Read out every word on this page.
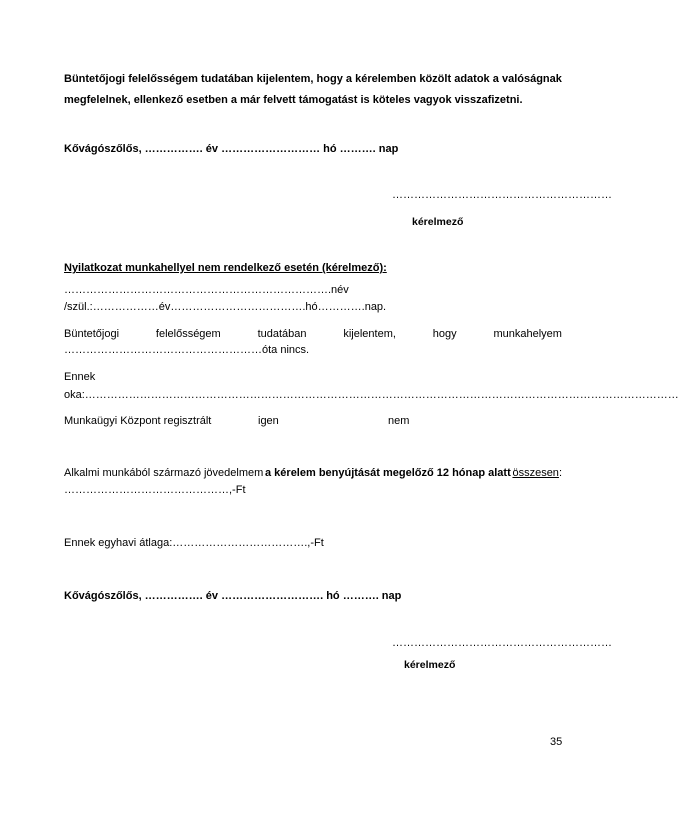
Büntetőjogi felelősségem tudatában kijelentem, hogy a kérelemben közölt adatok a valóságnak
megfelelnek, ellenkező esetben a már felvett támogatást is köteles vagyok visszafizetni.
Kővágószőlős, ……………. év ……………………… hó ………. nap
……………………………………………………
kérelmező
Nyilatkozat munkahellyel nem rendelkező esetén (kérelmező):
……………………………………………………………….név
/szül.:………………év……………………………….hó………….nap.
Büntetőjogi	felelősségem	tudatában	kijelentem,	hogy	munkahelyem
………………………………………………óta nincs.
Ennek
oka:………………………………………………………………………………………………………………………………………………
Munkaügyi Központ regisztrált	igen	nem
Alkalmi munkából származó jövedelmem a kérelem benyújtását megelőző 12 hónap alatt összesen:
………………………………………,-Ft
Ennek egyhavi átlaga:……………………………….,-Ft
Kővágószőlős, ……………. év ………………………. hó ………. nap
……………………………………………………
kérelmező
35
